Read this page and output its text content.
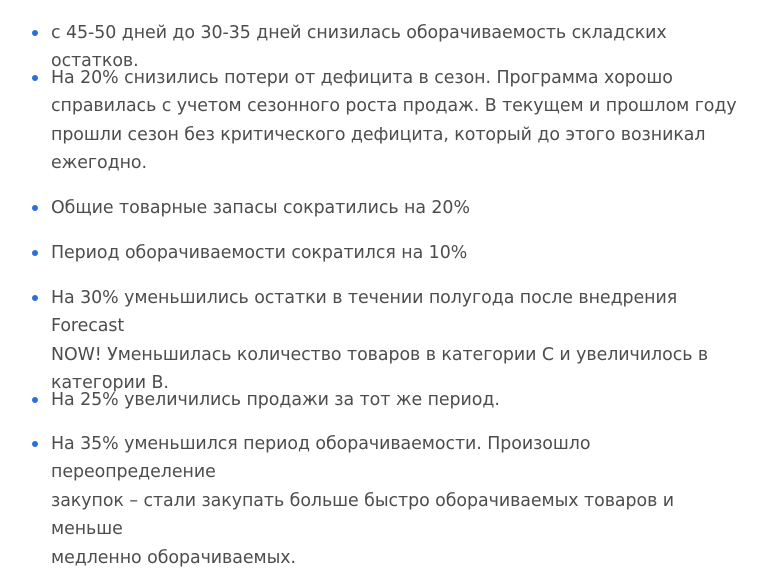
с 45-50 дней до 30-35 дней снизилась оборачиваемость складских остатков.

На 20% снизились потери от дефицита в сезон. Программа хорошо
справилась с учетом сезонного роста продаж. В текущем и прошлом году
прошли сезон без критического дефицита, который до этого возникал
ежегодно.

Общие товарные запасы сократились на 20%

Период оборачиваемости сократился на 10%

На 30% уменьшились остатки в течении полугода после внедрения Forecast
NOW! Уменьшилась количество товаров в категории С и увеличилось в
категории В.

На 25% увеличились продажи за тот же период.

На 35% уменьшился период оборачиваемости. Произошло переопределение
закупок – стали закупать больше быстро оборачиваемых товаров и меньше
медленно оборачиваемых.
